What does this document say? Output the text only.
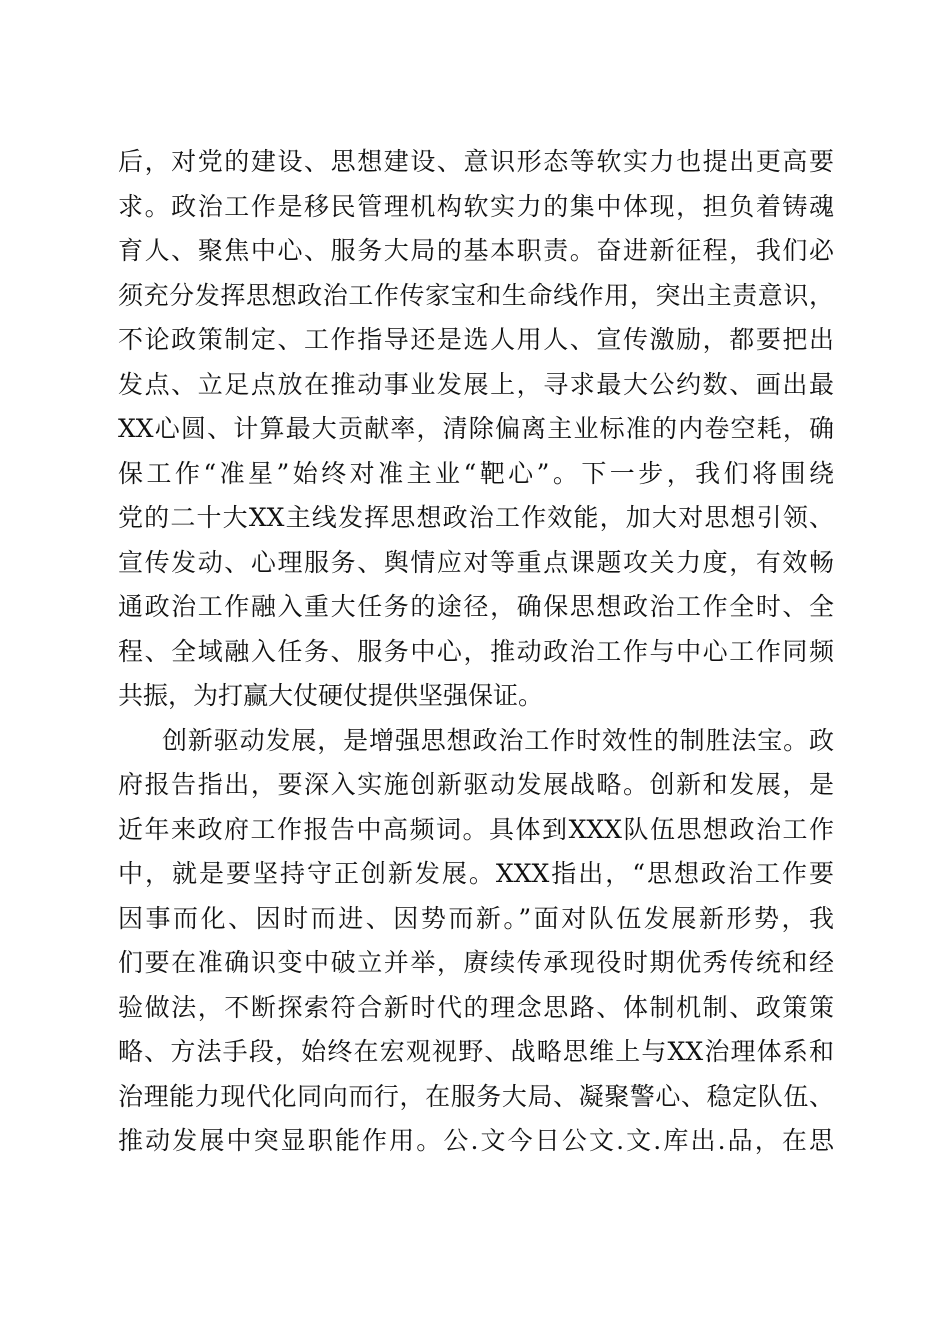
后，对党的建设、思想建设、意识形态等软实力也提出更高要
求。政治工作是移民管理机构软实力的集中体现，担负着铸魂
育人、聚焦中心、服务大局的基本职责。奋进新征程，我们必
须充分发挥思想政治工作传家宝和生命线作用，突出主责意识，
不论政策制定、工作指导还是选人用人、宣传激励，都要把出
发点、立足点放在推动事业发展上，寻求最大公约数、画出最
XX心圆、计算最大贡献率，清除偏离主业标准的内卷空耗，确
保工作“准星”始终对准主业“靶心”。下一步，我们将围绕
党的二十大XX主线发挥思想政治工作效能，加大对思想引领、
宣传发动、心理服务、舆情应对等重点课题攻关力度，有效畅
通政治工作融入重大任务的途径，确保思想政治工作全时、全
程、全域融入任务、服务中心，推动政治工作与中心工作同频
共振，为打赢大仗硬仗提供坚强保证。
创新驱动发展，是增强思想政治工作时效性的制胜法宝。政
府报告指出，要深入实施创新驱动发展战略。创新和发展，是
近年来政府工作报告中高频词。具体到XXX队伍思想政治工作
中，就是要坚持守正创新发展。XXX指出，“思想政治工作要
因事而化、因时而进、因势而新。”面对队伍发展新形势，我
们要在准确识变中破立并举，赓续传承现役时期优秀传统和经
验做法，不断探索符合新时代的理念思路、体制机制、政策策
略、方法手段，始终在宏观视野、战略思维上与XX治理体系和
治理能力现代化同向而行，在服务大局、凝聚警心、稳定队伍、
推动发展中突显职能作用。公.文今日公文.文.库出.品，在思
